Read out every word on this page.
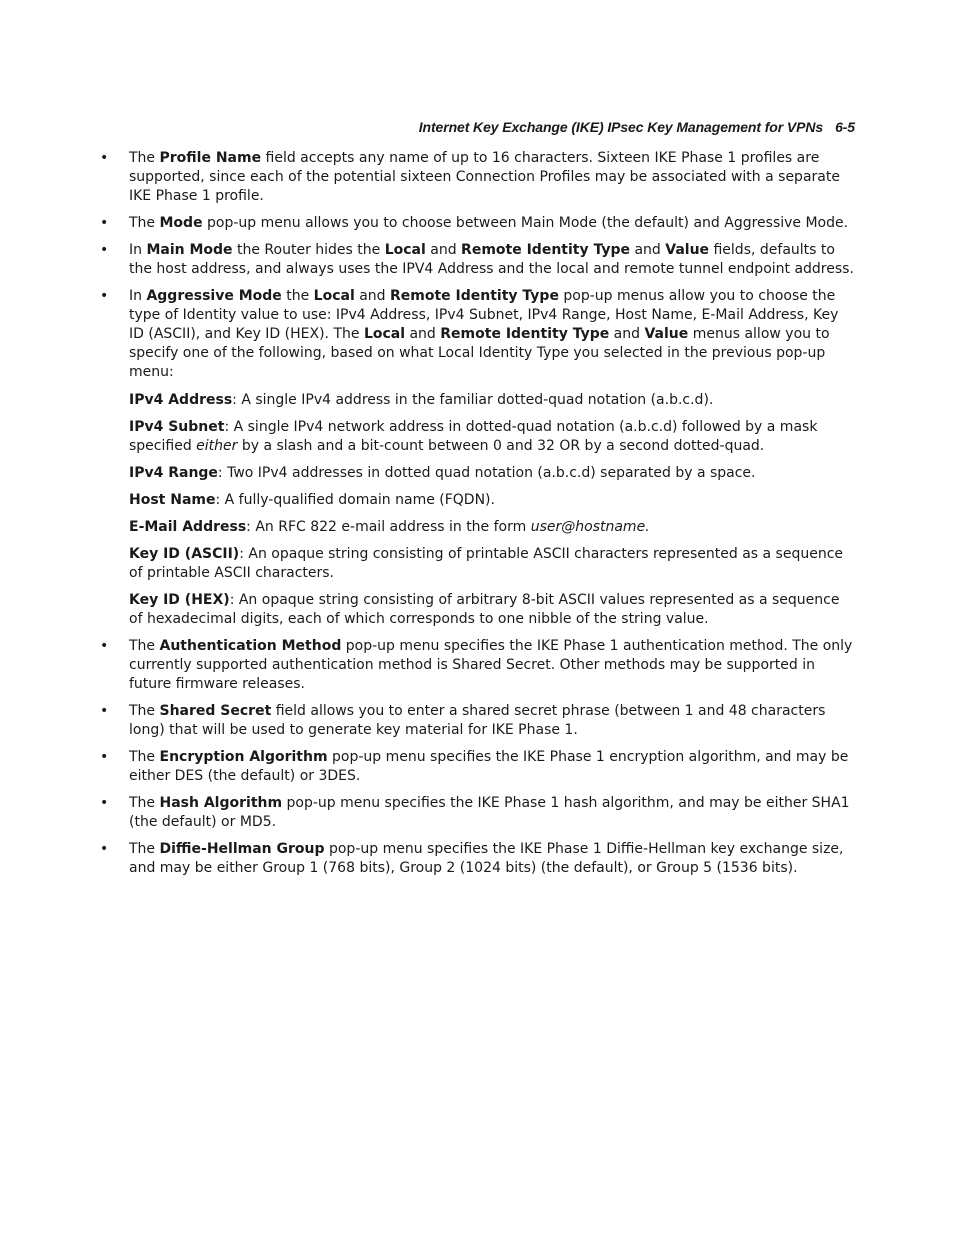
Internet Key Exchange (IKE) IPsec Key Management for VPNs 6-5
• The Profile Name field accepts any name of up to 16 characters. Sixteen IKE Phase 1 profiles are supported, since each of the potential sixteen Connection Profiles may be associated with a separate IKE Phase 1 profile.

• The Mode pop-up menu allows you to choose between Main Mode (the default) and Aggressive Mode.

• In Main Mode the Router hides the Local and Remote Identity Type and Value fields, defaults to the host address, and always uses the IPV4 Address and the local and remote tunnel endpoint address.

• In Aggressive Mode the Local and Remote Identity Type pop-up menus allow you to choose the type of Identity value to use: IPv4 Address, IPv4 Subnet, IPv4 Range, Host Name, E-Mail Address, Key ID (ASCII), and Key ID (HEX). The Local and Remote Identity Type and Value menus allow you to specify one of the following, based on what Local Identity Type you selected in the previous pop-up menu:

IPv4 Address: A single IPv4 address in the familiar dotted-quad notation (a.b.c.d).

IPv4 Subnet: A single IPv4 network address in dotted-quad notation (a.b.c.d) followed by a mask specified either by a slash and a bit-count between 0 and 32 OR by a second dotted-quad.

IPv4 Range: Two IPv4 addresses in dotted quad notation (a.b.c.d) separated by a space.

Host Name: A fully-qualified domain name (FQDN).

E-Mail Address: An RFC 822 e-mail address in the form user@hostname.

Key ID (ASCII): An opaque string consisting of printable ASCII characters represented as a sequence of printable ASCII characters.

Key ID (HEX): An opaque string consisting of arbitrary 8-bit ASCII values represented as a sequence of hexadecimal digits, each of which corresponds to one nibble of the string value.

• The Authentication Method pop-up menu specifies the IKE Phase 1 authentication method. The only currently supported authentication method is Shared Secret. Other methods may be supported in future firmware releases.

• The Shared Secret field allows you to enter a shared secret phrase (between 1 and 48 characters long) that will be used to generate key material for IKE Phase 1.

• The Encryption Algorithm pop-up menu specifies the IKE Phase 1 encryption algorithm, and may be either DES (the default) or 3DES.

• The Hash Algorithm pop-up menu specifies the IKE Phase 1 hash algorithm, and may be either SHA1 (the default) or MD5.

• The Diffie-Hellman Group pop-up menu specifies the IKE Phase 1 Diffie-Hellman key exchange size, and may be either Group 1 (768 bits), Group 2 (1024 bits) (the default), or Group 5 (1536 bits).
